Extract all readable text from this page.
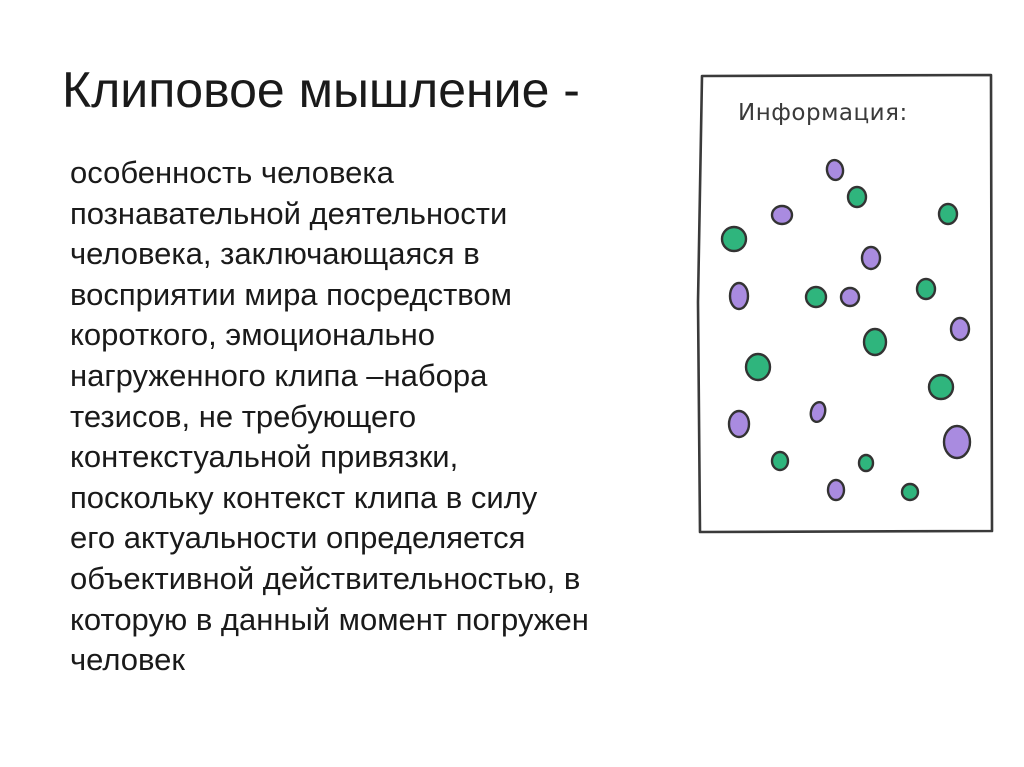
Клиповое мышление -

особенность человека
познавательной деятельности
человека, заключающаяся в
восприятии мира посредством
короткого, эмоционально
нагруженного клипа –набора
тезисов, не требующего
контекстуальной привязки,
поскольку контекст клипа в силу
его актуальности определяется
объективной действительностью, в
которую в данный момент погружен
человек

Информация:
